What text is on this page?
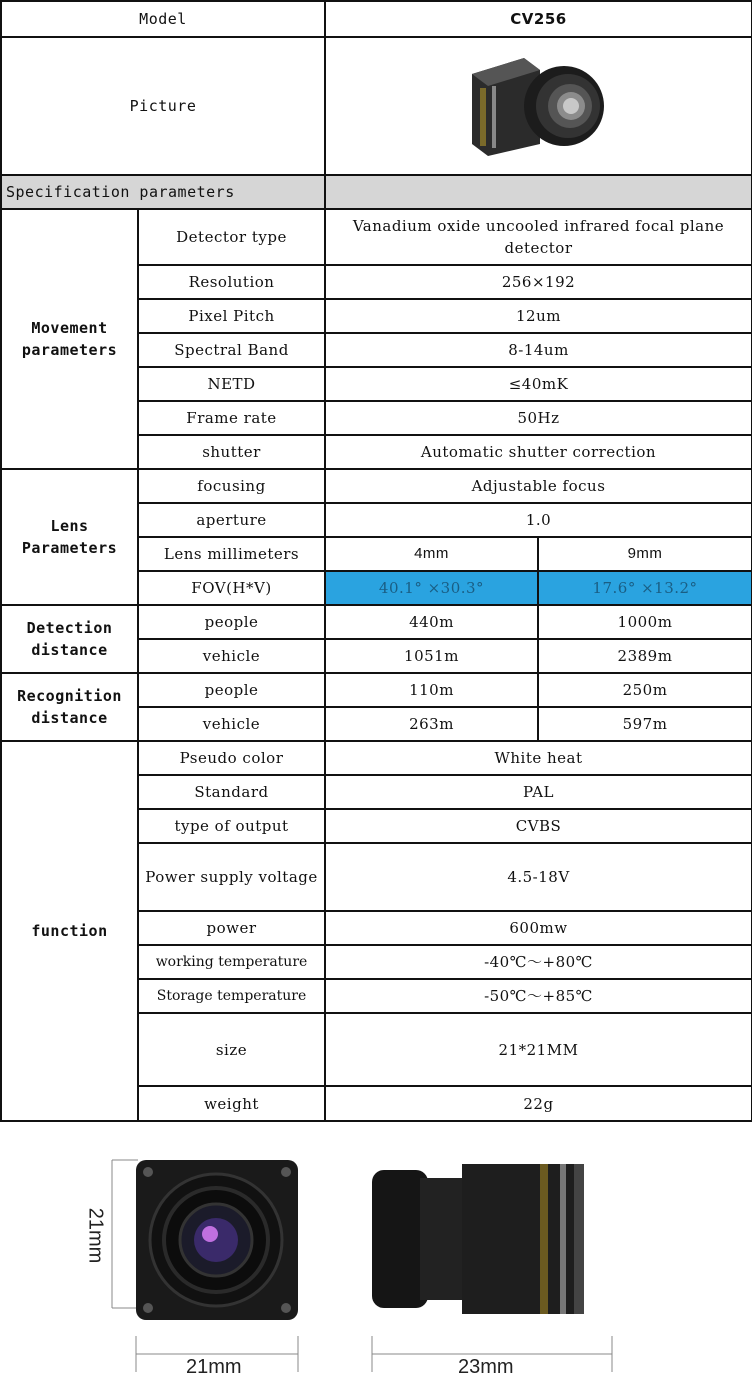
Model		CV256	
Picture	
Specification parameters			
Movement parameters	Detector type	Vanadium oxide uncooled infrared focal plane detector	
	Resolution	256×192	
	Pixel Pitch	12um	
	Spectral Band	8-14um	
	NETD	≤40mK	
	Frame rate	50Hz	
	shutter	Automatic shutter correction	
Lens Parameters	focusing	Adjustable focus	
	aperture	1.0	
	Lens millimeters	4mm	9mm
	FOV(H*V)	40.1° ×30.3°	17.6° ×13.2°
Detection distance	people	440m	1000m
	vehicle	1051m	2389m
Recognition distance	people	110m	250m
	vehicle	263m	597m
function	Pseudo color	White heat	
	Standard	PAL	
	type of output	CVBS	
	Power supply voltage	4.5-18V	
	power	600mw	
	working temperature	-40℃～+80℃	
	Storage temperature	-50℃～+85℃	
	size	21*21MM	
	weight	22g	
21mm
21mm	23mm
